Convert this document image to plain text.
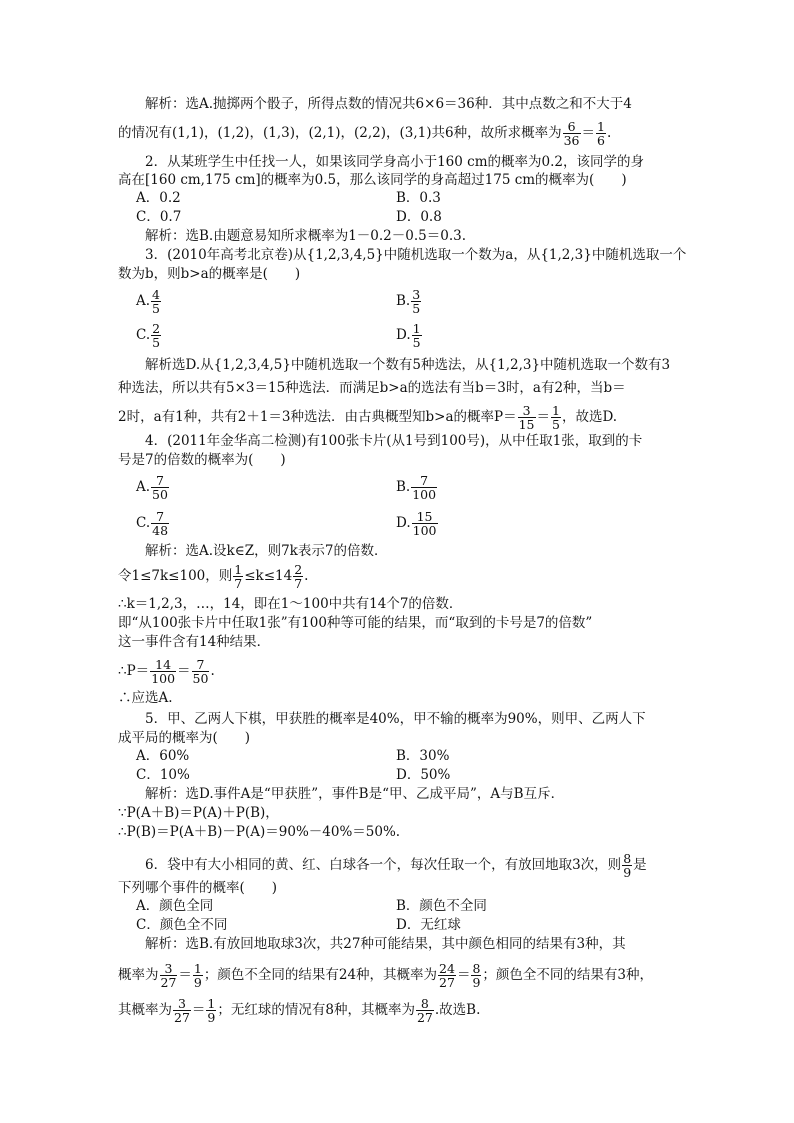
　　解析：选A.抛掷两个骰子，所得点数的情况共6×6＝36种．其中点数之和不大于4
的情况有(1,1)，(1,2)，(1,3)，(2,1)，(2,2)，(3,1)共6种，故所求概率为 $\frac{6}{36} = \frac{1}{6}$ .
　　2．从某班学生中任找一人，如果该同学身高小于160 cm的概率为0.2，该同学的身
高在[160 cm,175 cm]的概率为0.5，那么该同学的身高超过175 cm的概率为(　　)
A．0.2	B．0.3
C．0.7	D．0.8
　　解析：选B.由题意易知所求概率为1－0.2－0.5＝0.3.
　　3．(2010年高考北京卷)从{1,2,3,4,5}中随机选取一个数为a，从{1,2,3}中随机选取一个
数为b，则b>a的概率是(　　)
A. $\frac{4}{5}$	B. $\frac{3}{5}$
C. $\frac{2}{5}$	D. $\frac{1}{5}$
　　解析选D.从{1,2,3,4,5}中随机选取一个数有5种选法，从{1,2,3}中随机选取一个数有3
种选法，所以共有5×3＝15种选法．而满足b>a的选法有当b＝3时，a有2种，当b＝
2时，a有1种，共有2＋1＝3种选法．由古典概型知b>a的概率$P= \frac{3}{15} = \frac{1}{5}$ ，故选D.
　　4．(2011年金华高二检测)有100张卡片(从1号到100号)，从中任取1张，取到的卡
号是7的倍数的概率为(　　)
A. $\frac{7}{50}$	B. $\frac{7}{100}$
C. $\frac{7}{48}$	D. $\frac{15}{100}$
　　解析：选A.设k∈Z，则7k表示7的倍数．
令1≤7k≤100，则 $\frac{1}{7} \le k\le 14 \frac{2}{7}$ .
∴k＝1,2,3，…，14，即在1～100中共有14个7的倍数．
即“从100张卡片中任取1张”有100种等可能的结果，而“取到的卡号是7的倍数”
这一事件含有14种结果．
∴P＝ $\frac{14}{100} = \frac{7}{50}$ .
∴应选A.
　　5．甲、乙两人下棋，甲获胜的概率是40%，甲不输的概率为90%，则甲、乙两人下
成平局的概率为(　　)
A．60%	B．30%
C．10%	D．50%
　　解析：选D.事件A是“甲获胜”，事件B是“甲、乙成平局”，A与B互斥．
∵P(A＋B)＝P(A)＋P(B)，
∴P(B)＝P(A＋B)－P(A)＝90%－40%＝50%.
　　6．袋中有大小相同的黄、红、白球各一个，每次任取一个，有放回地取3次，则 $\frac{8}{9}$ 是
下列哪个事件的概率(　　)
A．颜色全同	B．颜色不全同
C．颜色全不同	D．无红球
　　解析：选B.有放回地取球3次，共27种可能结果，其中颜色相同的结果有3种，其
概率为 $\frac{3}{27} = \frac{1}{9}$ ；颜色不全同的结果有24种，其概率为 $\frac{24}{27} = \frac{8}{9}$ ；颜色全不同的结果有3种，
其概率为 $\frac{3}{27} = \frac{1}{9}$ ；无红球的情况有8种，其概率为 $\frac{8}{27}$ .故选B.
